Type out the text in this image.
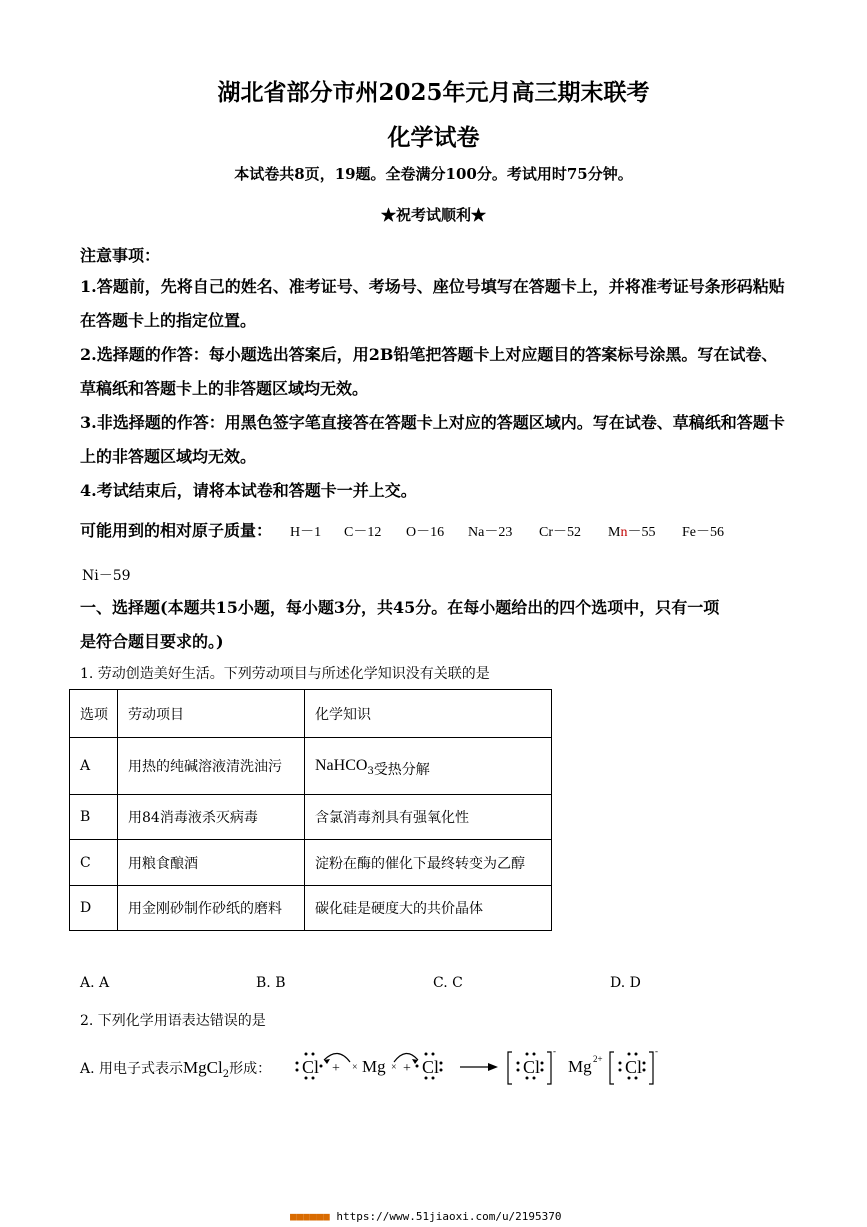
湖北省部分市州2025年元月高三期末联考
化学试卷
本试卷共8页，19题。全卷满分100分。考试用时75分钟。
★祝考试顺利★
注意事项：
1.答题前，先将自己的姓名、准考证号、考场号、座位号填写在答题卡上，并将准考证号条形码粘贴在答题卡上的指定位置。
2.选择题的作答：每小题选出答案后，用2B铅笔把答题卡上对应题目的答案标号涂黑。写在试卷、草稿纸和答题卡上的非答题区域均无效。
3.非选择题的作答：用黑色签字笔直接答在答题卡上对应的答题区域内。写在试卷、草稿纸和答题卡上的非答题区域均无效。
4.考试结束后，请将本试卷和答题卡一并上交。
可能用到的相对原子质量： H－1 C－12 O－16 Na－23 Cr－52 Mn－55 Fe－56
Ni－59
一、选择题(本题共15小题，每小题3分，共45分。在每小题给出的四个选项中，只有一项
是符合题目要求的。)
1. 劳动创造美好生活。下列劳动项目与所述化学知识没有关联的是
选项	劳动项目	化学知识
A	用热的纯碱溶液清洗油污	NaHCO$_3$受热分解
B	用84消毒液杀灭病毒	含氯消毒剂具有强氧化性
C	用粮食酿酒	淀粉在酶的催化下最终转变为乙醇
D	用金刚砂制作砂纸的磨料	碳化硅是硬度大的共价晶体
A. A	B. B	C. C	D. D
2. 下列化学用语表达错误的是
A. 用电子式表示MgCl$_2$形成： Cl + × Mg × + Cl	Cl
-
Mg 2+ Cl
-
■■■■■■ https://www.51jiaoxi.com/u/2195370
